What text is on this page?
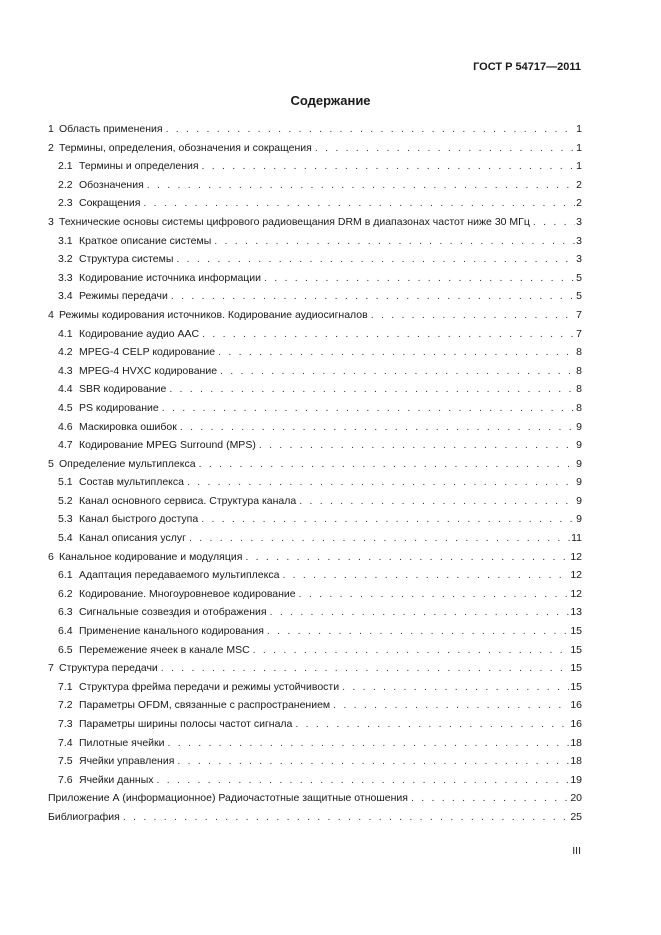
ГОСТ Р 54717—2011
Содержание
1 Область применения . . .	1
2 Термины, определения, обозначения и сокращения . . .	1
2.1 Термины и определения . . .	1
2.2 Обозначения . . .	2
2.3 Сокращения . . .	2
3 Технические основы системы цифрового радиовещания DRM в диапазонах частот ниже 30 МГц . . .	3
3.1 Краткое описание системы . . .	3
3.2 Структура системы . . .	3
3.3 Кодирование источника информации . . .	5
3.4 Режимы передачи . . .	5
4 Режимы кодирования источников. Кодирование аудиосигналов . . .	7
4.1 Кодирование аудио AAC . . .	7
4.2 MPEG-4 CELP кодирование . . .	8
4.3 MPEG-4 HVXC кодирование . . .	8
4.4 SBR кодирование . . .	8
4.5 PS кодирование . . .	8
4.6 Маскировка ошибок . . .	9
4.7 Кодирование MPEG Surround (MPS) . . .	9
5 Определение мультиплекса . . .	9
5.1 Состав мультиплекса . . .	9
5.2 Канал основного сервиса. Структура канала . . .	9
5.3 Канал быстрого доступа . . .	9
5.4 Канал описания услуг . . .	11
6 Канальное кодирование и модуляция . . .	12
6.1 Адаптация передаваемого мультиплекса . . .	12
6.2 Кодирование. Многоуровневое кодирование . . .	12
6.3 Сигнальные созвездия и отображения . . .	13
6.4 Применение канального кодирования . . .	15
6.5 Перемежение ячеек в канале MSC . . .	15
7 Структура передачи . . .	15
7.1 Структура фрейма передачи и режимы устойчивости . . .	15
7.2 Параметры OFDM, связанные с распространением . . .	16
7.3 Параметры ширины полосы частот сигнала . . .	16
7.4 Пилотные ячейки . . .	18
7.5 Ячейки управления . . .	18
7.6 Ячейки данных . . .	19
Приложение А (информационное) Радиочастотные защитные отношения . . .	20
Библиография . . .	25
III
